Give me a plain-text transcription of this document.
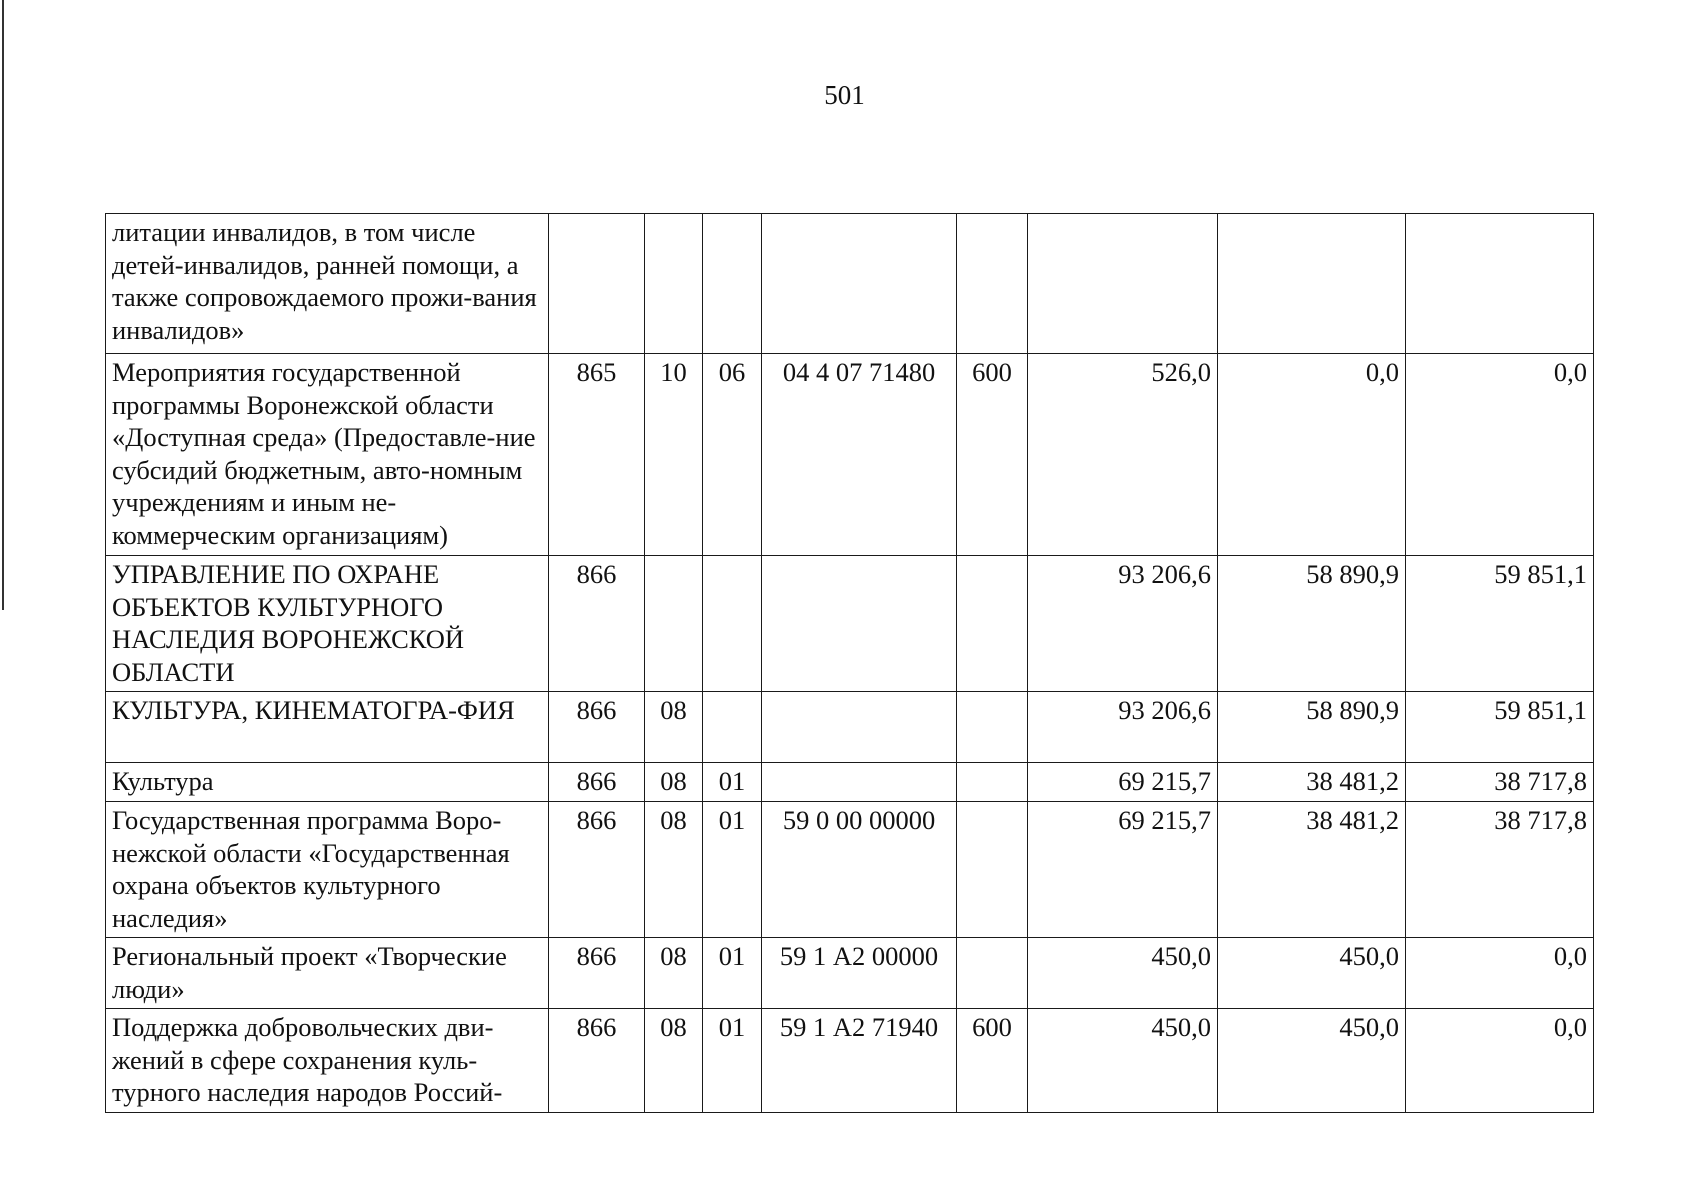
501
литации инвалидов, в том числе детей-инвалидов, ранней помощи, а также сопровождаемого прожи-вания инвалидов»								
Мероприятия государственной программы Воронежской области «Доступная среда» (Предоставле-ние субсидий бюджетным, авто-номным учреждениям и иным не-коммерческим организациям)	865	10	06	04 4 07 71480	600	526,0	0,0	0,0
УПРАВЛЕНИЕ ПО ОХРАНЕ ОБЪЕКТОВ КУЛЬТУРНОГО НАСЛЕДИЯ ВОРОНЕЖСКОЙ ОБЛАСТИ	866					93 206,6	58 890,9	59 851,1
КУЛЬТУРА, КИНЕМАТОГРА-ФИЯ	866	08				93 206,6	58 890,9	59 851,1
Культура	866	08	01			69 215,7	38 481,2	38 717,8
Государственная программа Воро-нежской области «Государственная охрана объектов культурного наследия»	866	08	01	59 0 00 00000		69 215,7	38 481,2	38 717,8
Региональный проект «Творческие люди»	866	08	01	59 1 А2 00000		450,0	450,0	0,0
Поддержка добровольческих дви-жений в сфере сохранения куль-турного наследия народов Россий-	866	08	01	59 1 А2 71940	600	450,0	450,0	0,0
